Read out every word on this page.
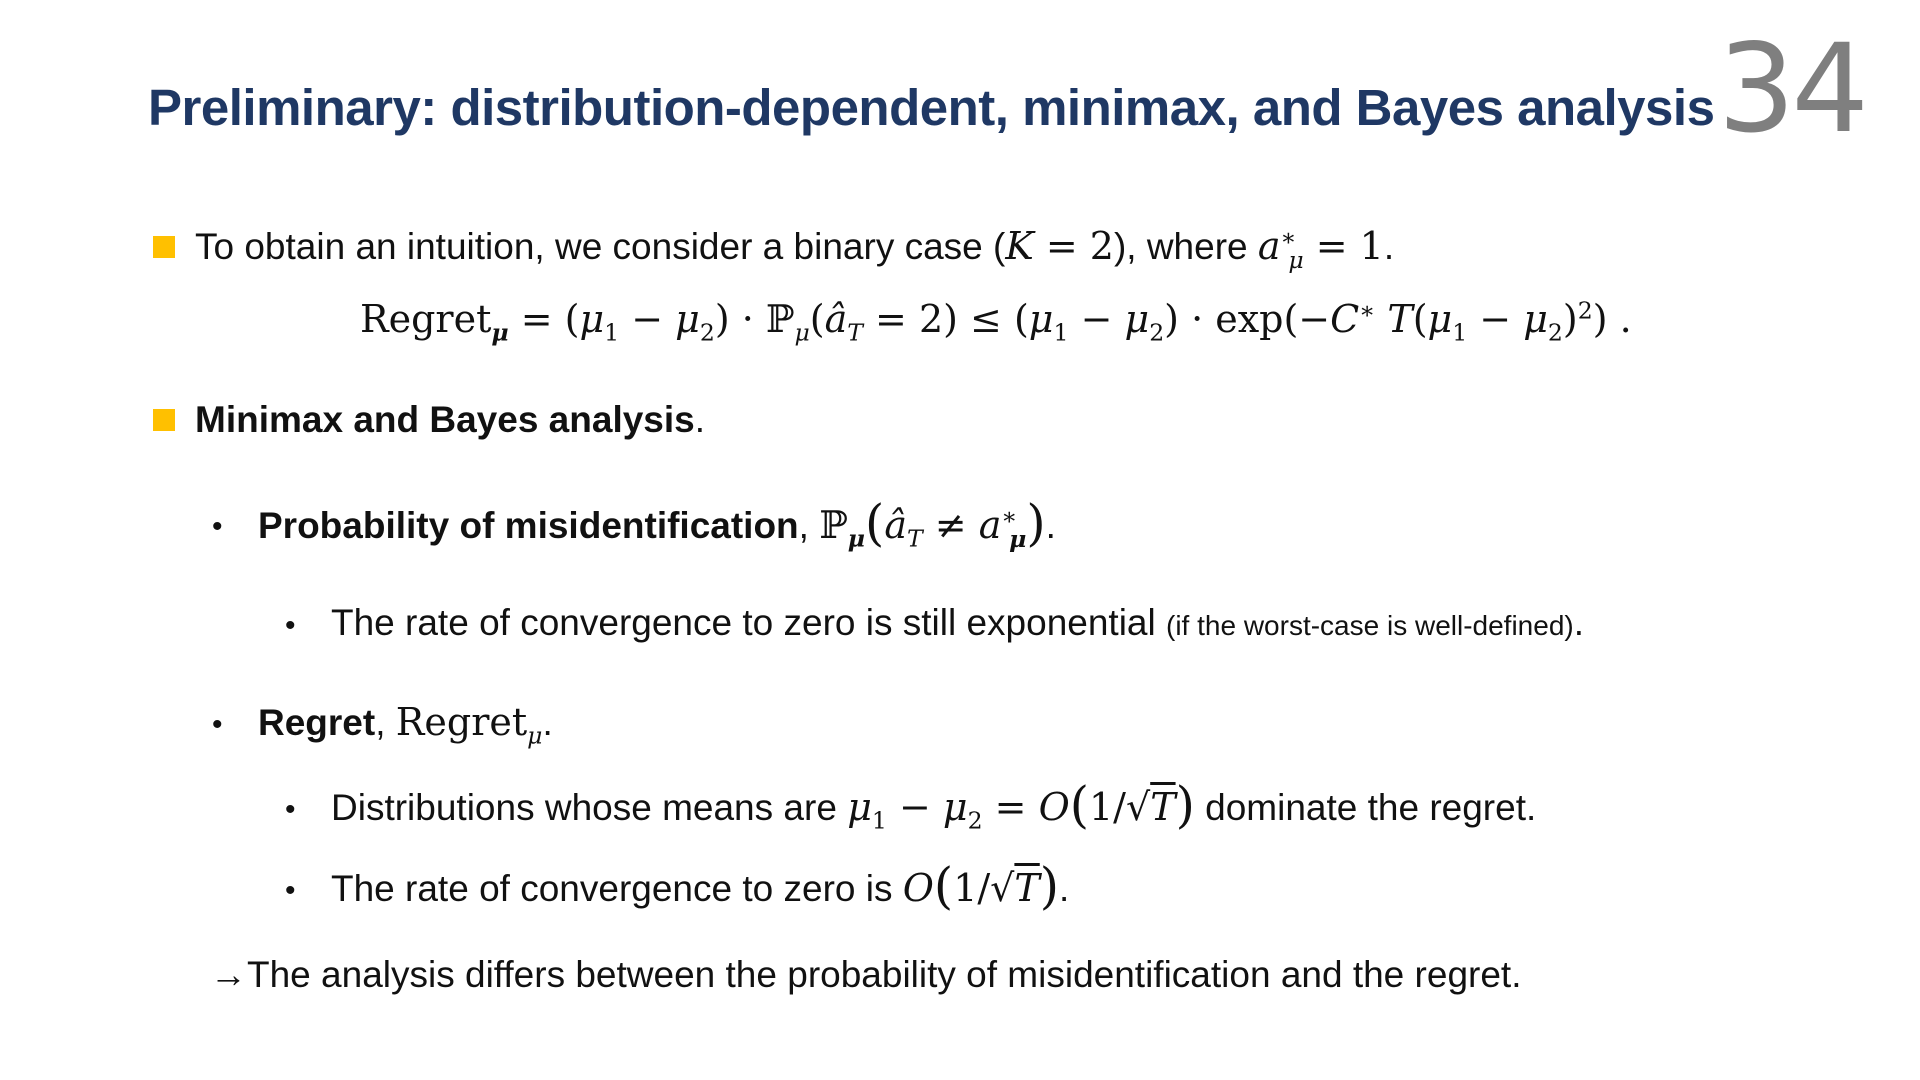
Preliminary: distribution-dependent, minimax, and Bayes analysis 34
To obtain an intuition, we consider a binary case (K = 2), where $a^∗_\mu = 1$.
Regret$_\mu$ = $(\mu_1 - \mu_2)$ · $ℙ_\mu(â_T = 2) \le (\mu_1 - \mu_2) \cdot \exp(-C^∗$ $T(\mu_1 - \mu_2)^2$) .
Minimax and Bayes analysis.
• Probability of misidentification, $ℙ_\mu(â_T \ne a^∗_\mu)$.
• The rate of convergence to zero is still exponential (if the worst-case is well-defined).
• Regret, Regret$_\mu$.
• Distributions whose means are $\mu_1 - \mu_2 = O(1/√T)$ dominate the regret.
• The rate of convergence to zero is O(1/√T).
→The analysis differs between the probability of misidentification and the regret.
